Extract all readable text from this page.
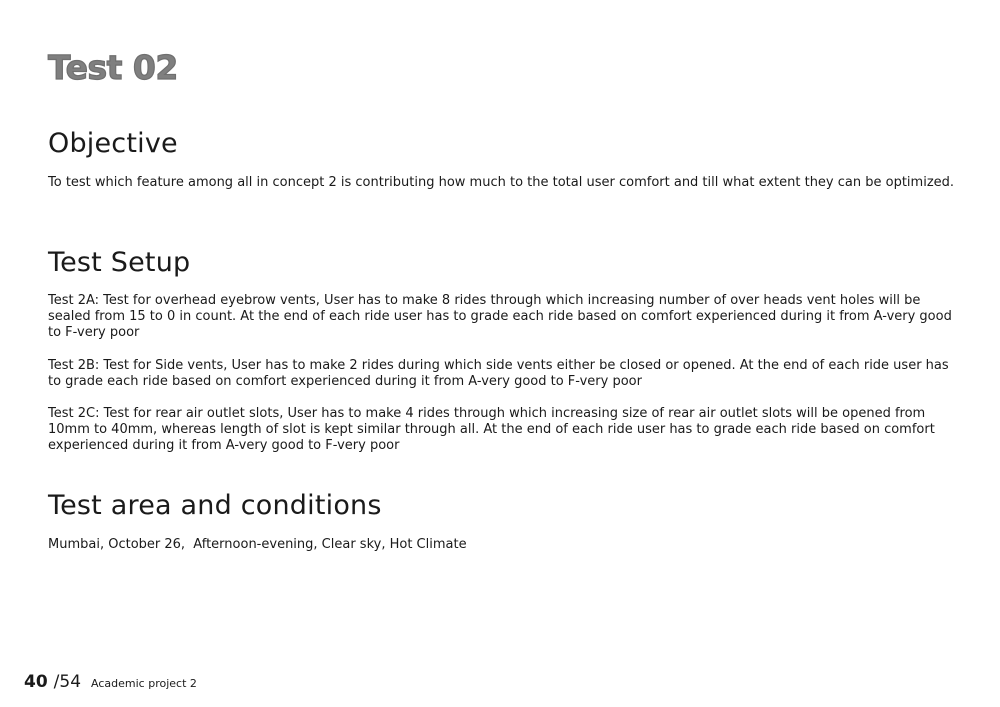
Test 02
Objective

To test which feature among all in concept 2 is contributing how much to the total user comfort and till what extent they can be optimized.

Test Setup

Test 2A: Test for overhead eyebrow vents, User has to make 8 rides through which increasing number of over heads vent holes will be sealed from 15 to 0 in count. At the end of each ride user has to grade each ride based on comfort experienced during it from A-very good to F-very poor

Test 2B: Test for Side vents, User has to make 2 rides during which side vents either be closed or opened. At the end of each ride user has to grade each ride based on comfort experienced during it from A-very good to F-very poor

Test 2C: Test for rear air outlet slots, User has to make 4 rides through which increasing size of rear air outlet slots will be opened from 10mm to 40mm, whereas length of slot is kept similar through all. At the end of each ride user has to grade each ride based on comfort experienced during it from A-very good to F-very poor

Test area and conditions

Mumbai, October 26,  Afternoon-evening, Clear sky, Hot Climate

40 /54 Academic project 2
